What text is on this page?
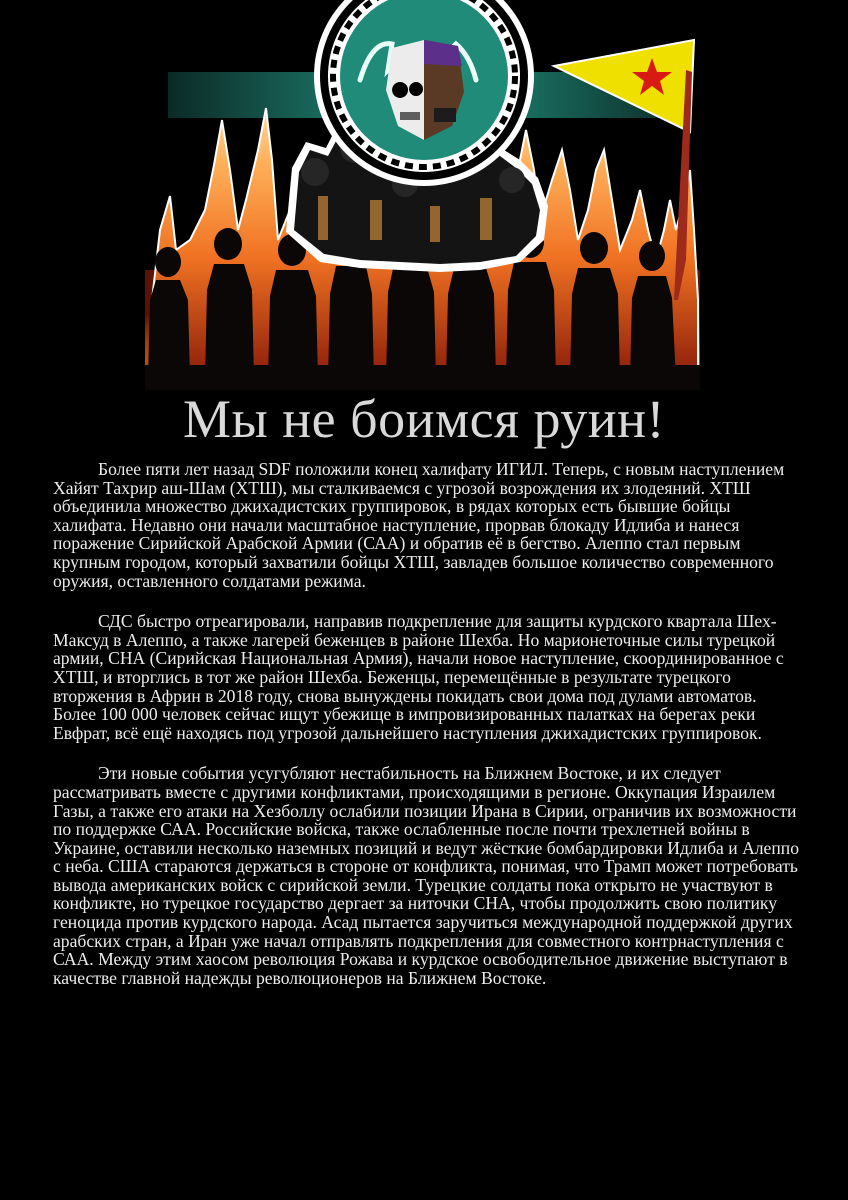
Мы не боимся руин!

Более пяти лет назад SDF положили конец халифату ИГИЛ. Теперь, с новым наступлением Хайят Тахрир аш-Шам (ХТШ), мы сталкиваемся с угрозой возрождения их злодеяний. ХТШ объединила множество джихадистских группировок, в рядах которых есть бывшие бойцы халифата. Недавно они начали масштабное наступление, прорвав блокаду Идлиба и нанеся поражение Сирийской Арабской Армии (САА) и обратив её в бегство. Алеппо стал первым крупным городом, который захватили бойцы ХТШ, завладев большое количество современного оружия, оставленного солдатами режима.

СДС быстро отреагировали, направив подкрепление для защиты курдского квартала Шех-Максуд в Алеппо, а также лагерей беженцев в районе Шехба. Но марионеточные силы турецкой армии, СНА (Сирийская Национальная Армия), начали новое наступление, скоординированное с ХТШ, и вторглись в тот же район Шехба. Беженцы, перемещённые в результате турецкого вторжения в Африн в 2018 году, снова вынуждены покидать свои дома под дулами автоматов. Более 100 000 человек сейчас ищут убежище в импровизированных палатках на берегах реки Евфрат, всё ещё находясь под угрозой дальнейшего наступления джихадистских группировок.

Эти новые события усугубляют нестабильность на Ближнем Востоке, и их следует рассматривать вместе с другими конфликтами, происходящими в регионе. Оккупация Израилем Газы, а также его атаки на Хезболлу ослабили позиции Ирана в Сирии, ограничив их возможности по поддержке САА. Российские войска, также ослабленные после почти трехлетней войны в Украине, оставили несколько наземных позиций и ведут жёсткие бомбардировки Идлиба и Алеппо с неба. США стараются держаться в стороне от конфликта, понимая, что Трамп может потребовать вывода американских войск с сирийской земли. Турецкие солдаты пока открыто не участвуют в конфликте, но турецкое государство дергает за ниточки СНА, чтобы продолжить свою политику геноцида против курдского народа. Асад пытается заручиться международной поддержкой других арабских стран, а Иран уже начал отправлять подкрепления для совместного контрнаступления с САА. Между этим хаосом революция Рожава и курдское освободительное движение выступают в качестве главной надежды революционеров на Ближнем Востоке.
